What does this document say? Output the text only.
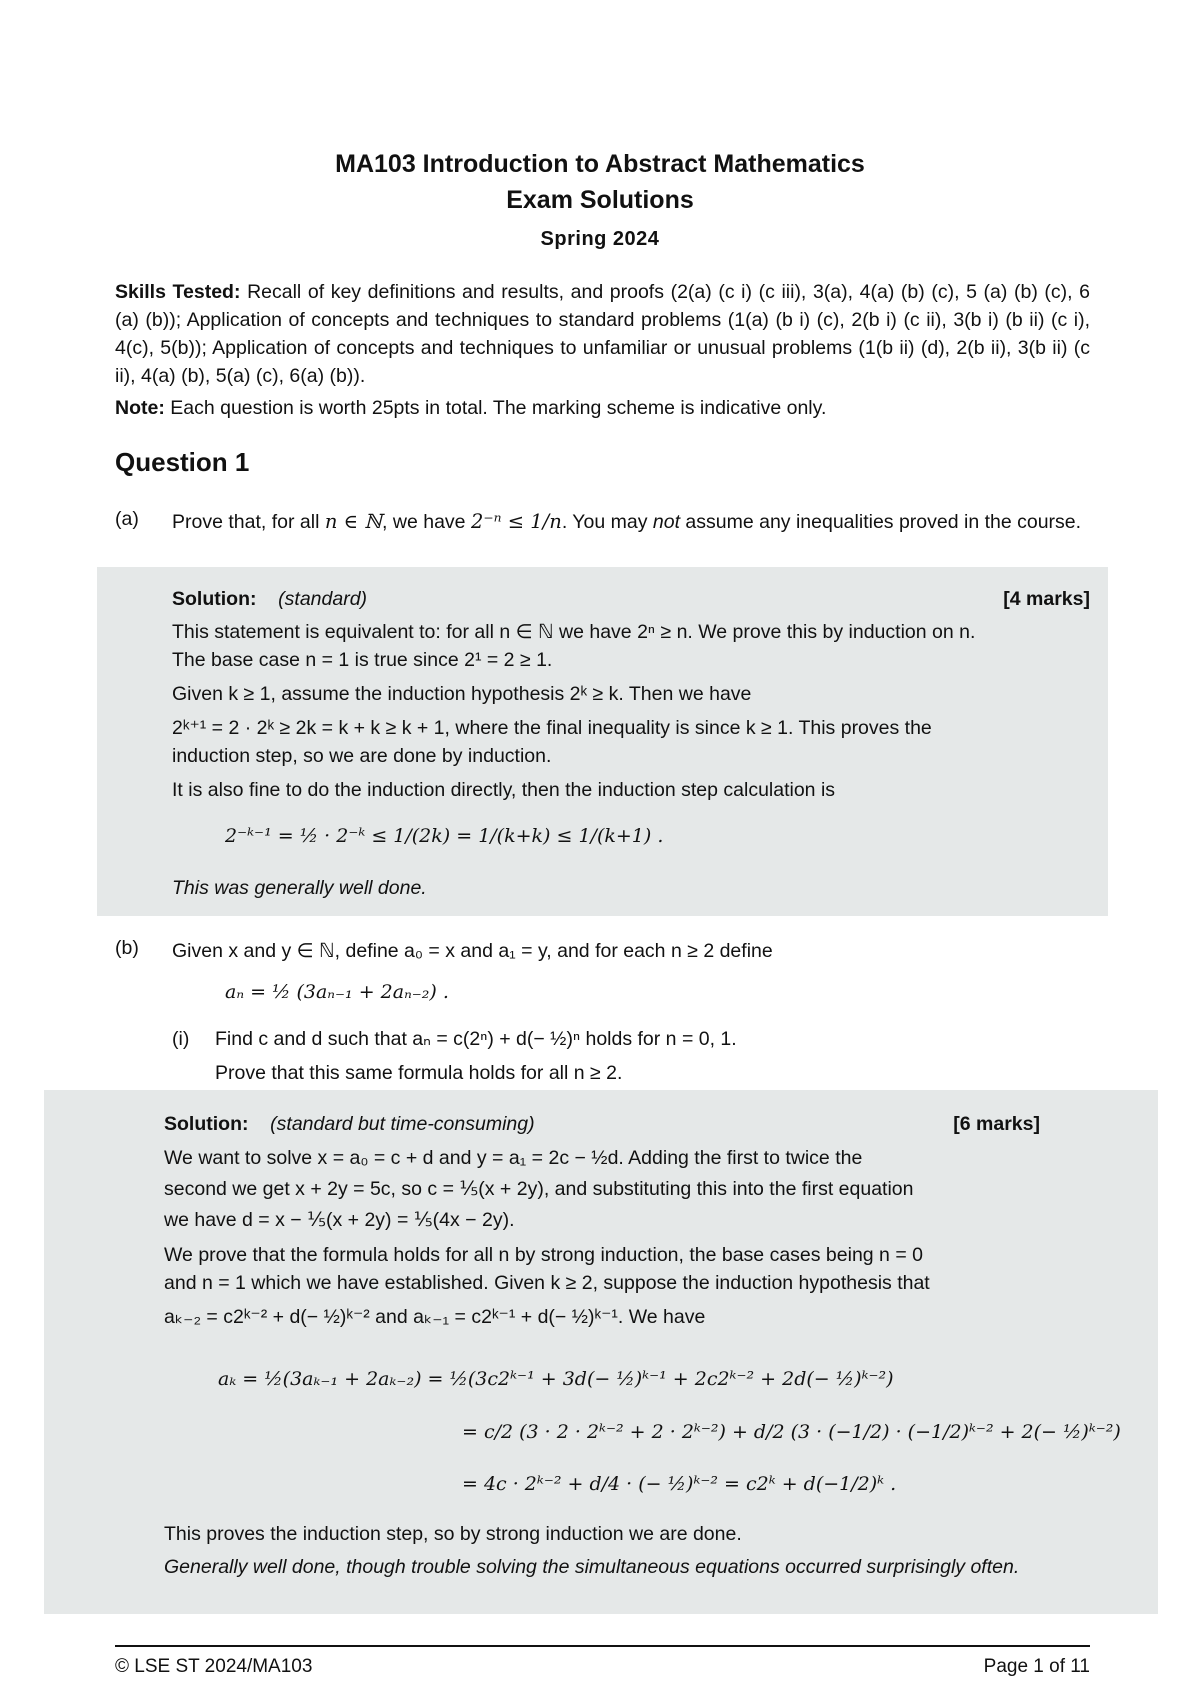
MA103 Introduction to Abstract Mathematics
Exam Solutions
Spring 2024
Skills Tested: Recall of key definitions and results, and proofs (2(a) (c i) (c iii), 3(a), 4(a) (b) (c), 5 (a) (b) (c), 6 (a) (b)); Application of concepts and techniques to standard problems (1(a) (b i) (c), 2(b i) (c ii), 3(b i) (b ii) (c i), 4(c), 5(b)); Application of concepts and techniques to unfamiliar or unusual problems (1(b ii) (d), 2(b ii), 3(b ii) (c ii), 4(a) (b), 5(a) (c), 6(a) (b)).
Note: Each question is worth 25pts in total. The marking scheme is indicative only.
Question 1
(a) Prove that, for all n ∈ ℕ, we have 2⁻ⁿ ≤ 1/n. You may not assume any inequalities proved in the course.
Solution: (standard)	[4 marks]
This statement is equivalent to: for all n ∈ ℕ we have 2ⁿ ≥ n. We prove this by induction on n.
The base case n = 1 is true since 2¹ = 2 ≥ 1.
Given k ≥ 1, assume the induction hypothesis 2ᵏ ≥ k. Then we have
2ᵏ⁺¹ = 2 · 2ᵏ ≥ 2k = k + k ≥ k + 1, where the final inequality is since k ≥ 1. This proves the
induction step, so we are done by induction.
It is also fine to do the induction directly, then the induction step calculation is
2⁻ᵏ⁻¹ = ½ · 2⁻ᵏ ≤ 1/(2k) = 1/(k+k) ≤ 1/(k+1) .
This was generally well done.
(b) Given x and y ∈ ℕ, define a₀ = x and a₁ = y, and for each n ≥ 2 define
aₙ = ½ (3aₙ₋₁ + 2aₙ₋₂) .
(i) Find c and d such that aₙ = c(2ⁿ) + d(− ½)ⁿ holds for n = 0, 1.
Prove that this same formula holds for all n ≥ 2.
Solution: (standard but time-consuming)	[6 marks]
We want to solve x = a₀ = c + d and y = a₁ = 2c − ½d. Adding the first to twice the
second we get x + 2y = 5c, so c = ⅕(x + 2y), and substituting this into the first equation
we have d = x − ⅕(x + 2y) = ⅕(4x − 2y).
We prove that the formula holds for all n by strong induction, the base cases being n = 0
and n = 1 which we have established. Given k ≥ 2, suppose the induction hypothesis that
aₖ₋₂ = c2ᵏ⁻² + d(− ½)ᵏ⁻² and aₖ₋₁ = c2ᵏ⁻¹ + d(− ½)ᵏ⁻¹. We have
aₖ = ½(3aₖ₋₁ + 2aₖ₋₂) = ½(3c2ᵏ⁻¹ + 3d(− ½)ᵏ⁻¹ + 2c2ᵏ⁻² + 2d(− ½)ᵏ⁻²)
= c/2 (3 · 2 · 2ᵏ⁻² + 2 · 2ᵏ⁻²) + d/2 (3 · (−1/2) · (−1/2)ᵏ⁻² + 2(− ½)ᵏ⁻²)
= 4c · 2ᵏ⁻² + d/4 · (− ½)ᵏ⁻² = c2ᵏ + d(−1/2)ᵏ .
This proves the induction step, so by strong induction we are done.
Generally well done, though trouble solving the simultaneous equations occurred surprisingly often.
© LSE ST 2024/MA103	Page 1 of 11
